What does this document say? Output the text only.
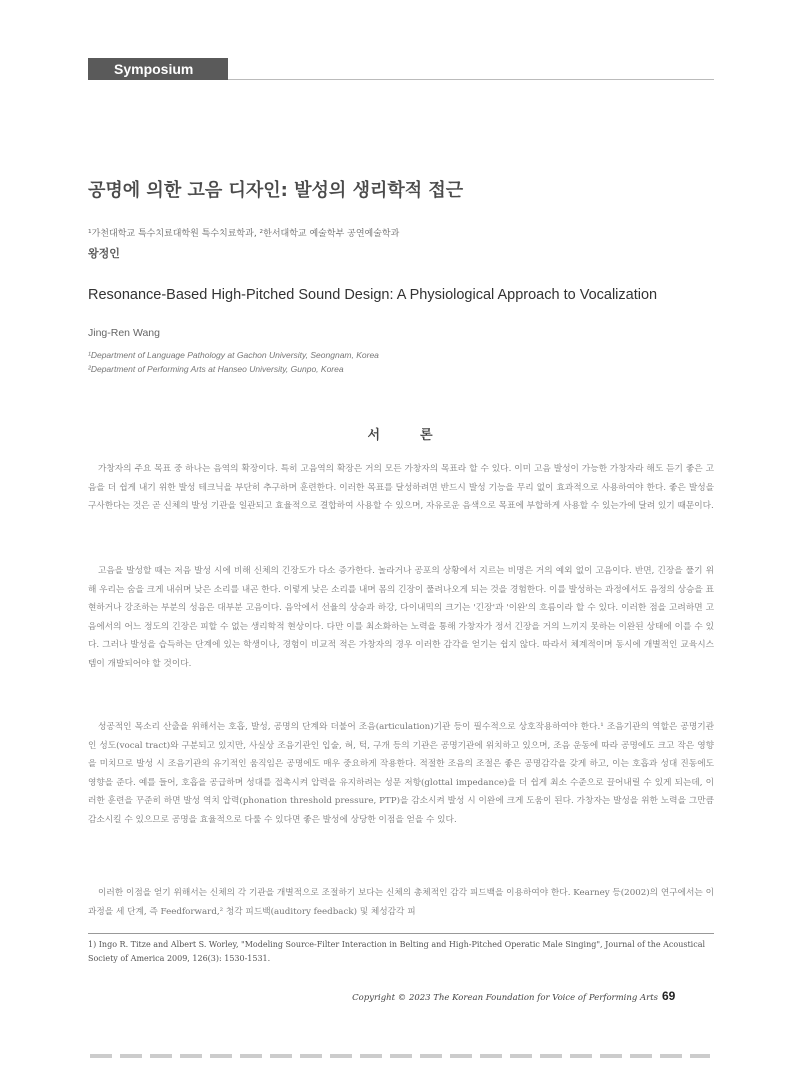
Symposium
공명에 의한 고음 디자인: 발성의 생리학적 접근
¹가천대학교 특수치료대학원 특수치료학과, ²한서대학교 예술학부 공연예술학과
왕정인
Resonance-Based High-Pitched Sound Design: A Physiological Approach to Vocalization
Jing-Ren Wang
¹Department of Language Pathology at Gachon University, Seongnam, Korea
²Department of Performing Arts at Hanseo University, Gunpo, Korea
서론

가창자의 주요 목표 중 하나는 음역의 확장이다. 특히 고음역의 확장은 거의 모든 가창자의 목표라 할 수 있다. 이미 고음 발성이 가능한 가창자라 해도 듣기 좋은 고음을 더 쉽게 내기 위한 발성 테크닉을 부단히 추구하며 훈련한다. 이러한 목표를 달성하려면 반드시 발성 기능을 무리 없이 효과적으로 사용하여야 한다. 좋은 발성을 구사한다는 것은 곧 신체의 발성 기관을 일관되고 효율적으로 결합하여 사용할 수 있으며, 자유로운 음색으로 목표에 부합하게 사용할 수 있는가에 달려 있기 때문이다.

고음을 발성할 때는 저음 발성 시에 비해 신체의 긴장도가 다소 증가한다. 놀라거나 공포의 상황에서 지르는 비명은 거의 예외 없이 고음이다. 반면, 긴장을 풀기 위해 우리는 숨을 크게 내쉬며 낮은 소리를 내곤 한다. 이렇게 낮은 소리를 내며 몸의 긴장이 풀려나오게 되는 것을 경험한다. 이를 발성하는 과정에서도 음정의 상승을 표현하거나 강조하는 부분의 성음은 대부분 고음이다. 음악에서 선율의 상승과 하강, 다이내믹의 크기는 '긴장'과 '이완'의 흐름이라 할 수 있다. 이러한 점을 고려하면 고음에서의 어느 정도의 긴장은 피할 수 없는 생리학적 현상이다. 다만 이를 최소화하는 노력을 통해 가창자가 정서 긴장을 거의 느끼지 못하는 이완된 상태에 이를 수 있다. 그러나 발성을 습득하는 단계에 있는 학생이나, 경험이 비교적 적은 가창자의 경우 이러한 감각을 얻기는 쉽지 않다. 따라서 체계적이며 동시에 개별적인 교육시스템이 개발되어야 할 것이다.

성공적인 목소리 산출을 위해서는 호흡, 발성, 공명의 단계와 더불어 조음(articulation)기관 등이 필수적으로 상호작용하여야 한다.¹ 조음기관의 역할은 공명기관인 성도(vocal tract)와 구분되고 있지만, 사실상 조음기관인 입술, 혀, 턱, 구개 등의 기관은 공명기관에 위치하고 있으며, 조음 운동에 따라 공명에도 크고 작은 영향을 미치므로 발성 시 조음기관의 유기적인 움직임은 공명에도 매우 중요하게 작용한다. 적절한 조음의 조절은 좋은 공명감각을 갖게 하고, 이는 호흡과 성대 진동에도 영향을 준다. 예를 들어, 호흡을 공급하며 성대를 접촉시켜 압력을 유지하려는 성문 저항(glottal impedance)을 더 쉽게 최소 수준으로 끌어내릴 수 있게 되는데, 이러한 훈련을 꾸준히 하면 발성 역치 압력(phonation threshold pressure, PTP)을 감소시켜 발성 시 이완에 크게 도움이 된다. 가창자는 발성을 위한 노력을 그만큼 감소시킬 수 있으므로 공명을 효율적으로 다룰 수 있다면 좋은 발성에 상당한 이점을 얻을 수 있다.

이러한 이점을 얻기 위해서는 신체의 각 기관을 개별적으로 조절하기 보다는 신체의 총체적인 감각 피드백을 이용하여야 한다. Kearney 등(2002)의 연구에서는 이 과정을 세 단계, 즉 Feedforward,² 청각 피드백(auditory feedback) 및 체성감각 피

1) Ingo R. Titze and Albert S. Worley, "Modeling Source-Filter Interaction in Belting and High-Pitched Operatic Male Singing", Journal of the Acoustical Society of America 2009, 126(3): 1530-1531.

Copyright © 2023 The Korean Foundation for Voice of Performing Arts 69
